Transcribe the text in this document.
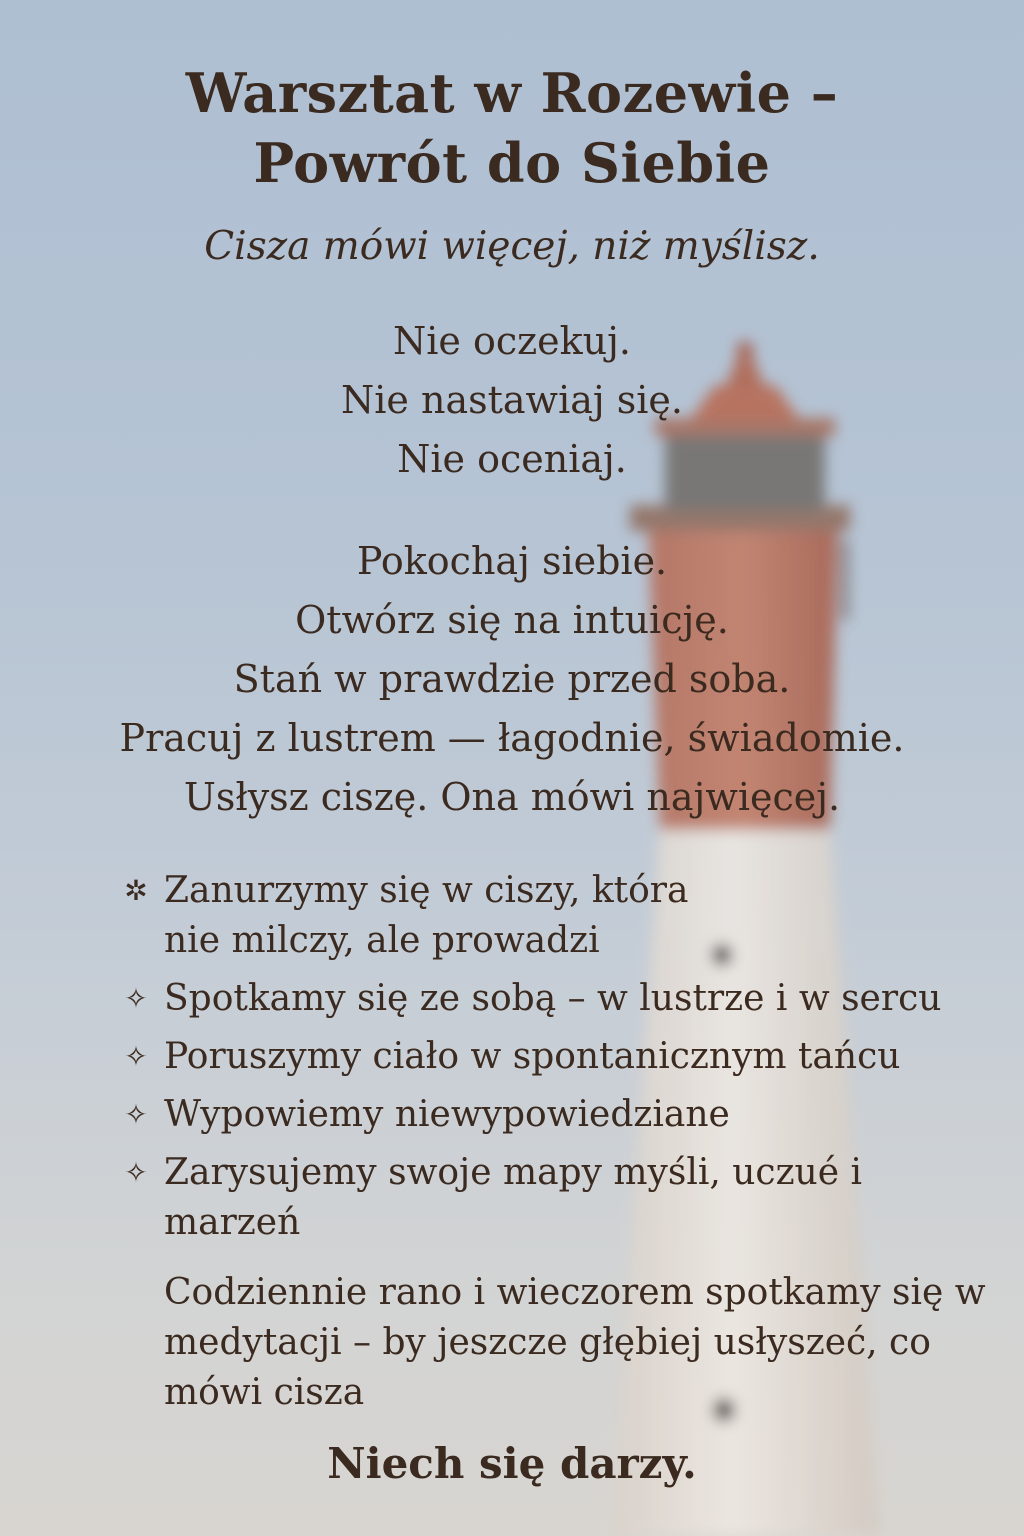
Warsztat w Rozewie –
Powrót do Siebie
Cisza mówi więcej, niż myślisz.
Nie oczekuj.
Nie nastawiaj się.
Nie oceniaj.
Pokochaj siebie.
Otwórz się na intuicję.
Stań w prawdzie przed soba.
Pracuj z lustrem — łagodnie, świadomie.
Usłysz ciszę. Ona mówi najwięcej.
✲ Zanurzymy się w ciszy, która nie milczy, ale prowadzi
✧ Spotkamy się ze sobą – w lustrze i w sercu
✧ Poruszymy ciało w spontanicznym tańcu
✧ Wypowiemy niewypowiedziane
✧ Zarysujemy swoje mapy myśli, uczué i marzeń
Codziennie rano i wieczorem spotkamy się w medytacji – by jeszcze głębiej usłyszeć, co mówi cisza
Niech się darzy.
